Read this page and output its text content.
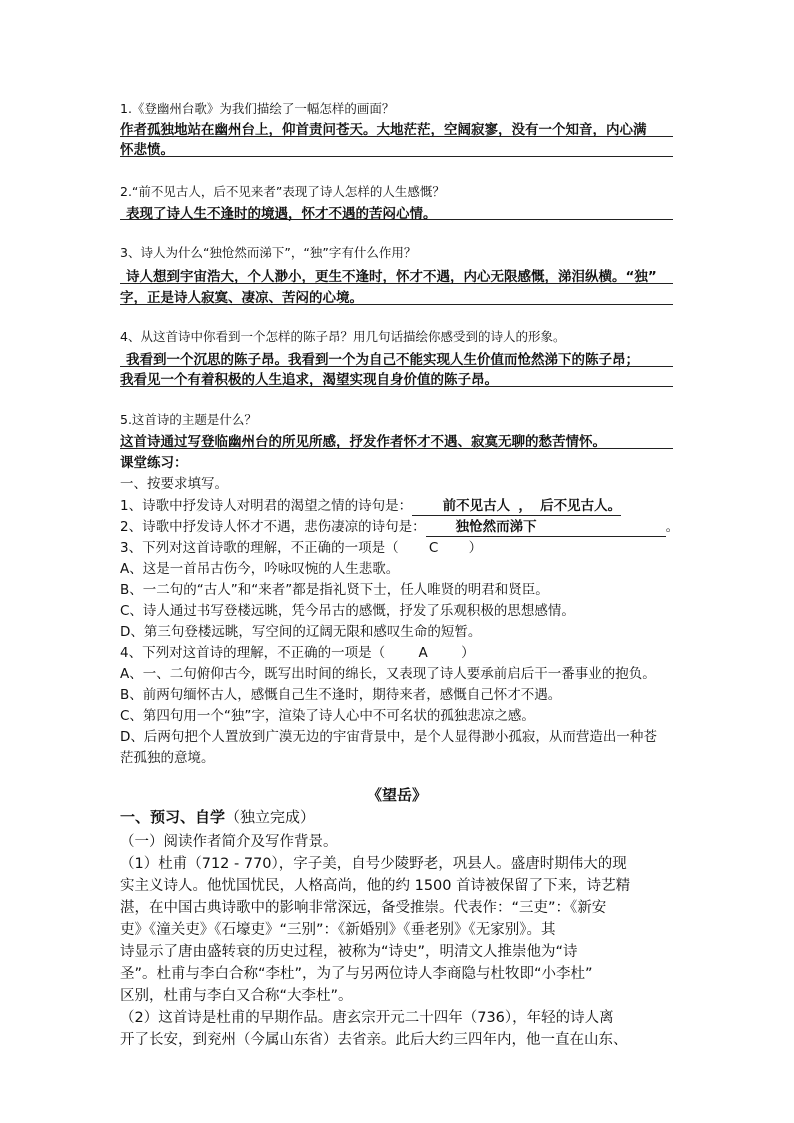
1.《登幽州台歌》为我们描绘了一幅怎样的画面？
作者孤独地站在幽州台上，仰首责问苍天。大地茫茫，空阔寂寥，没有一个知音，内心满
怀悲愤。
2.“前不见古人，后不见来者”表现了诗人怎样的人生感慨？
表现了诗人生不逢时的境遇，怀才不遇的苦闷心情。
3、诗人为什么“独怆然而涕下”，“独”字有什么作用？
诗人想到宇宙浩大，个人渺小，更生不逢时，怀才不遇，内心无限感慨，涕泪纵横。“独”
字，正是诗人寂寞、凄凉、苦闷的心境。
4、从这首诗中你看到一个怎样的陈子昂？用几句话描绘你感受到的诗人的形象。
我看到一个沉思的陈子昂。我看到一个为自己不能实现人生价值而怆然涕下的陈子昂；
我看见一个有着积极的人生追求，渴望实现自身价值的陈子昂。
5.这首诗的主题是什么？
这首诗通过写登临幽州台的所见所感，抒发作者怀才不遇、寂寞无聊的愁苦情怀。
课堂练习：
一、按要求填写。
1、诗歌中抒发诗人对明君的渴望之情的诗句是： 前不见古人 ， 后不见古人。
2、诗歌中抒发诗人怀才不遇，悲伤凄凉的诗句是： 独怆然而涕下	。
3、下列对这首诗歌的理解，不正确的一项是（ C ）
A、这是一首吊古伤今，吟咏叹惋的人生悲歌。
B、一二句的“古人”和“来者”都是指礼贤下士，任人唯贤的明君和贤臣。
C、诗人通过书写登楼远眺，凭今吊古的感慨，抒发了乐观积极的思想感情。
D、第三句登楼远眺，写空间的辽阔无限和感叹生命的短暂。
4、下列对这首诗的理解，不正确的一项是（ A ）
A、一、二句俯仰古今，既写出时间的绵长，又表现了诗人要承前启后干一番事业的抱负。
B、前两句缅怀古人，感慨自己生不逢时，期待来者，感慨自己怀才不遇。
C、第四句用一个“独”字，渲染了诗人心中不可名状的孤独悲凉之感。
D、后两句把个人置放到广漠无边的宇宙背景中，是个人显得渺小孤寂，从而营造出一种苍
茫孤独的意境。
《望岳》
一、预习、自学（独立完成）
（一）阅读作者简介及写作背景。
（1）杜甫（712 - 770），字子美，自号少陵野老，巩县人。盛唐时期伟大的现
实主义诗人。他忧国忧民，人格高尚，他的约 1500 首诗被保留了下来，诗艺精
湛，在中国古典诗歌中的影响非常深远，备受推崇。代表作：“三吏”：《新安
吏》《潼关吏》《石壕吏》“三别”：《新婚别》《垂老别》《无家别》。其
诗显示了唐由盛转衰的历史过程，被称为“诗史”，明清文人推崇他为“诗
圣”。杜甫与李白合称“李杜”，为了与另两位诗人李商隐与杜牧即“小李杜”
区别，杜甫与李白又合称“大李杜”。
（2）这首诗是杜甫的早期作品。唐玄宗开元二十四年（736），年轻的诗人离
开了长安，到兖州（今属山东省）去省亲。此后大约三四年内，他一直在山东、
